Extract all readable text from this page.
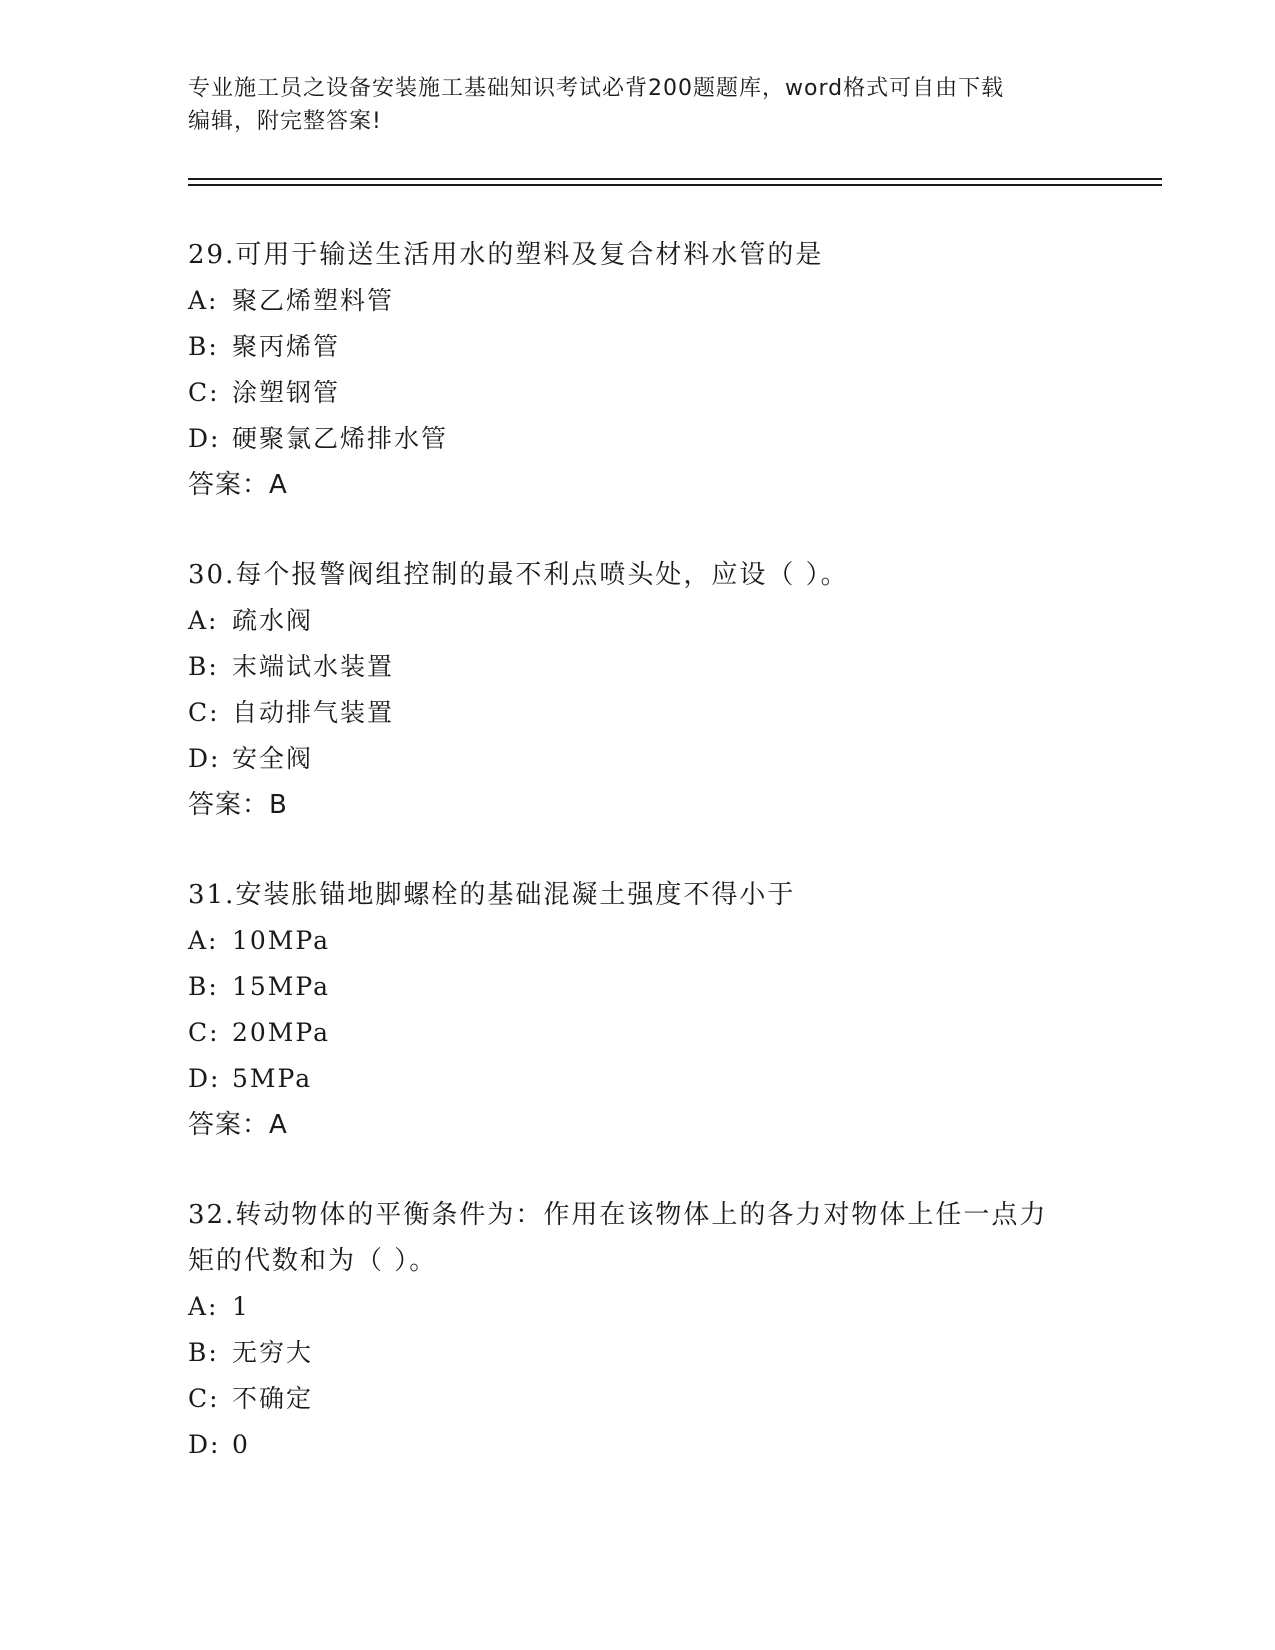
专业施工员之设备安装施工基础知识考试必背200题题库，word格式可自由下载
编辑，附完整答案!
29.可用于输送生活用水的塑料及复合材料水管的是
A: 聚乙烯塑料管
B: 聚丙烯管
C: 涂塑钢管
D: 硬聚氯乙烯排水管
答案：A
30.每个报警阀组控制的最不利点喷头处，应设（ ）。
A: 疏水阀
B: 末端试水装置
C: 自动排气装置
D: 安全阀
答案：B
31.安装胀锚地脚螺栓的基础混凝土强度不得小于
A: 10MPa
B: 15MPa
C: 20MPa
D: 5MPa
答案：A
32.转动物体的平衡条件为：作用在该物体上的各力对物体上任一点力
矩的代数和为（ ）。
A: 1
B: 无穷大
C: 不确定
D: 0
